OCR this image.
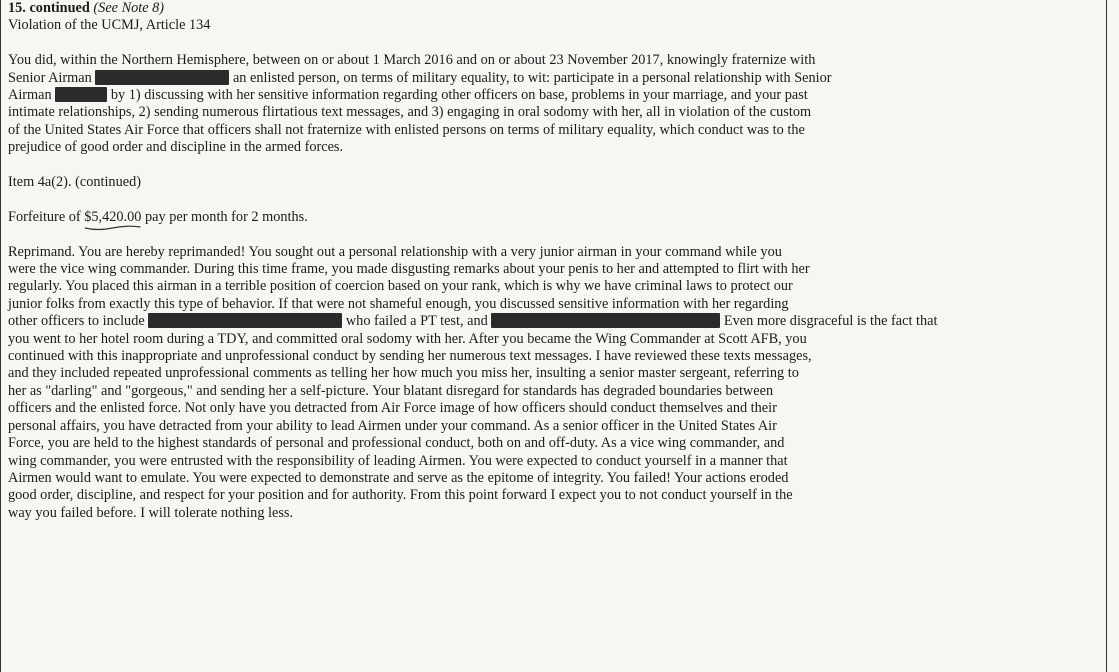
15. continued (See Note 8)
Violation of the UCMJ, Article 134
You did, within the Northern Hemisphere, between on or about 1 March 2016 and on or about 23 November 2017, knowingly fraternize with
Senior Airman	an enlisted person, on terms of military equality, to wit: participate in a personal relationship with Senior
Airman	by 1) discussing with her sensitive information regarding other officers on base, problems in your marriage, and your past
intimate relationships, 2) sending numerous flirtatious text messages, and 3) engaging in oral sodomy with her, all in violation of the custom
of the United States Air Force that officers shall not fraternize with enlisted persons on terms of military equality, which conduct was to the
prejudice of good order and discipline in the armed forces.
Item 4a(2). (continued)
Forfeiture of $5,420.00
pay per month for 2 months.
Reprimand. You are hereby reprimanded! You sought out a personal relationship with a very junior airman in your command while you
were the vice wing commander. During this time frame, you made disgusting remarks about your penis to her and attempted to flirt with her
regularly. You placed this airman in a terrible position of coercion based on your rank, which is why we have criminal laws to protect our
junior folks from exactly this type of behavior. If that were not shameful enough, you discussed sensitive information with her regarding
other officers to include	who failed a PT test, and	Even more disgraceful is the fact that
you went to her hotel room during a TDY, and committed oral sodomy with her. After you became the Wing Commander at Scott AFB, you
continued with this inappropriate and unprofessional conduct by sending her numerous text messages. I have reviewed these texts messages,
and they included repeated unprofessional comments as telling her how much you miss her, insulting a senior master sergeant, referring to
her as "darling" and "gorgeous," and sending her a self-picture. Your blatant disregard for standards has degraded boundaries between
officers and the enlisted force. Not only have you detracted from Air Force image of how officers should conduct themselves and their
personal affairs, you have detracted from your ability to lead Airmen under your command. As a senior officer in the United States Air
Force, you are held to the highest standards of personal and professional conduct, both on and off-duty. As a vice wing commander, and
wing commander, you were entrusted with the responsibility of leading Airmen. You were expected to conduct yourself in a manner that
Airmen would want to emulate. You were expected to demonstrate and serve as the epitome of integrity. You failed! Your actions eroded
good order, discipline, and respect for your position and for authority. From this point forward I expect you to not conduct yourself in the
way you failed before. I will tolerate nothing less.
